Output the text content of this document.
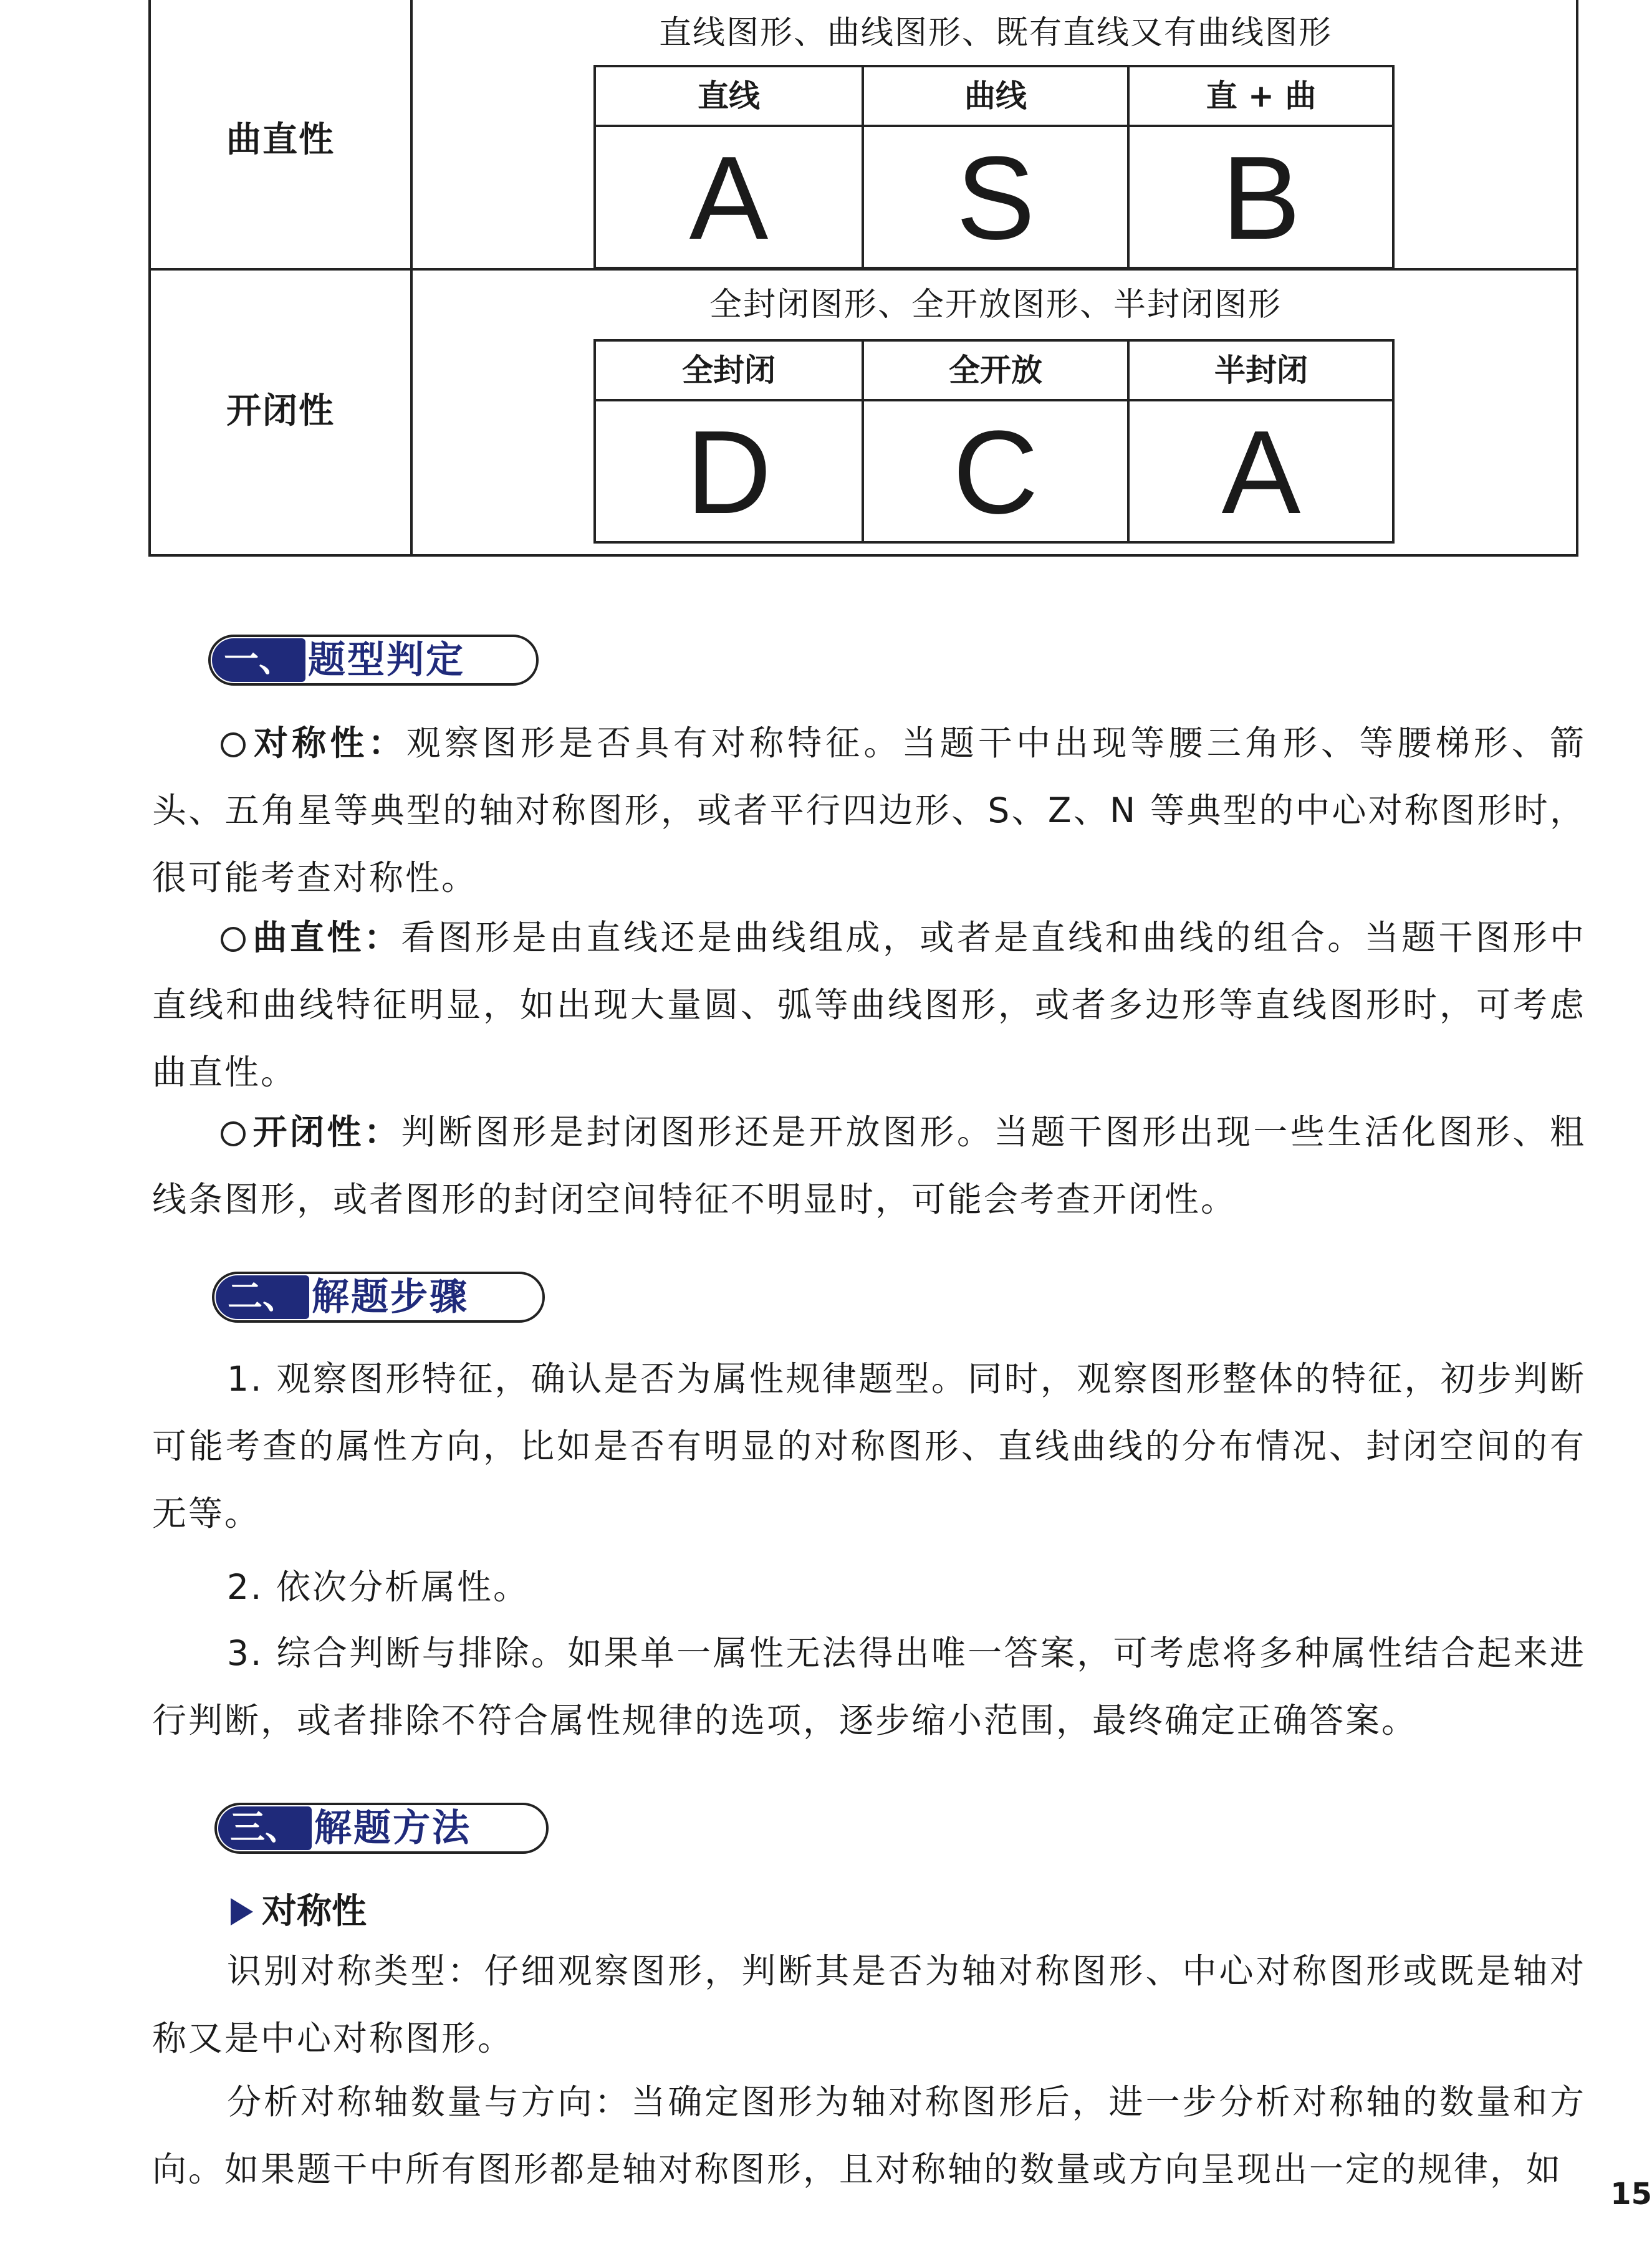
曲直性
直线图形、曲线图形、既有直线又有曲线图形
直线	曲线	直 + 曲
A	S	B
开闭性
全封闭图形、全开放图形、半封闭图形
全封闭	全开放	半封闭
D	C	A
一、 题型判定
对称性：观察图形是否具有对称特征。当题干中出现等腰三角形、等腰梯形、箭头、五角星等典型的轴对称图形，或者平行四边形、S、Z、N 等典型的中心对称图形时，很可能考查对称性。
曲直性：看图形是由直线还是曲线组成，或者是直线和曲线的组合。当题干图形中直线和曲线特征明显，如出现大量圆、弧等曲线图形，或者多边形等直线图形时，可考虑曲直性。
开闭性：判断图形是封闭图形还是开放图形。当题干图形出现一些生活化图形、粗线条图形，或者图形的封闭空间特征不明显时，可能会考查开闭性。
二、 解题步骤
1. 观察图形特征，确认是否为属性规律题型。同时，观察图形整体的特征，初步判断可能考查的属性方向，比如是否有明显的对称图形、直线曲线的分布情况、封闭空间的有无等。
2. 依次分析属性。
3. 综合判断与排除。如果单一属性无法得出唯一答案，可考虑将多种属性结合起来进行判断，或者排除不符合属性规律的选项，逐步缩小范围，最终确定正确答案。
三、 解题方法
对称性
识别对称类型：仔细观察图形，判断其是否为轴对称图形、中心对称图形或既是轴对称又是中心对称图形。
分析对称轴数量与方向：当确定图形为轴对称图形后，进一步分析对称轴的数量和方向。如果题干中所有图形都是轴对称图形，且对称轴的数量或方向呈现出一定的规律，如
15
